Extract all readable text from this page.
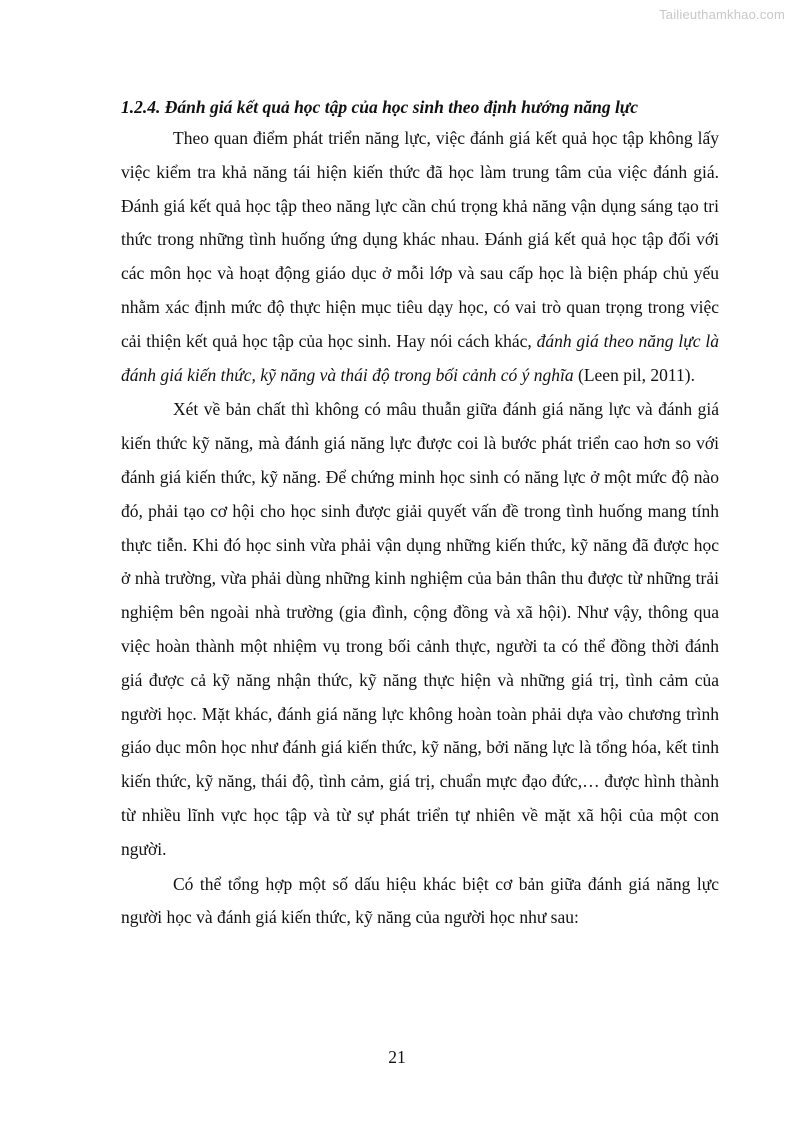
Tailieuthamkhao.com
1.2.4. Đánh giá kết quả học tập của học sinh theo định hướng năng lực

Theo quan điểm phát triển năng lực, việc đánh giá kết quả học tập không lấy việc kiểm tra khả năng tái hiện kiến thức đã học làm trung tâm của việc đánh giá. Đánh giá kết quả học tập theo năng lực cần chú trọng khả năng vận dụng sáng tạo tri thức trong những tình huống ứng dụng khác nhau. Đánh giá kết quả học tập đối với các môn học và hoạt động giáo dục ở mỗi lớp và sau cấp học là biện pháp chủ yếu nhằm xác định mức độ thực hiện mục tiêu dạy học, có vai trò quan trọng trong việc cải thiện kết quả học tập của học sinh. Hay nói cách khác, đánh giá theo năng lực là đánh giá kiến thức, kỹ năng và thái độ trong bối cảnh có ý nghĩa (Leen pil, 2011).

Xét về bản chất thì không có mâu thuẫn giữa đánh giá năng lực và đánh giá kiến thức kỹ năng, mà đánh giá năng lực được coi là bước phát triển cao hơn so với đánh giá kiến thức, kỹ năng. Để chứng minh học sinh có năng lực ở một mức độ nào đó, phải tạo cơ hội cho học sinh được giải quyết vấn đề trong tình huống mang tính thực tiễn. Khi đó học sinh vừa phải vận dụng những kiến thức, kỹ năng đã được học ở nhà trường, vừa phải dùng những kinh nghiệm của bản thân thu được từ những trải nghiệm bên ngoài nhà trường (gia đình, cộng đồng và xã hội). Như vậy, thông qua việc hoàn thành một nhiệm vụ trong bối cảnh thực, người ta có thể đồng thời đánh giá được cả kỹ năng nhận thức, kỹ năng thực hiện và những giá trị, tình cảm của người học. Mặt khác, đánh giá năng lực không hoàn toàn phải dựa vào chương trình giáo dục môn học như đánh giá kiến thức, kỹ năng, bởi năng lực là tổng hóa, kết tinh kiến thức, kỹ năng, thái độ, tình cảm, giá trị, chuẩn mực đạo đức,… được hình thành từ nhiều lĩnh vực học tập và từ sự phát triển tự nhiên về mặt xã hội của một con người.

Có thể tổng hợp một số dấu hiệu khác biệt cơ bản giữa đánh giá năng lực người học và đánh giá kiến thức, kỹ năng của người học như sau:

21
